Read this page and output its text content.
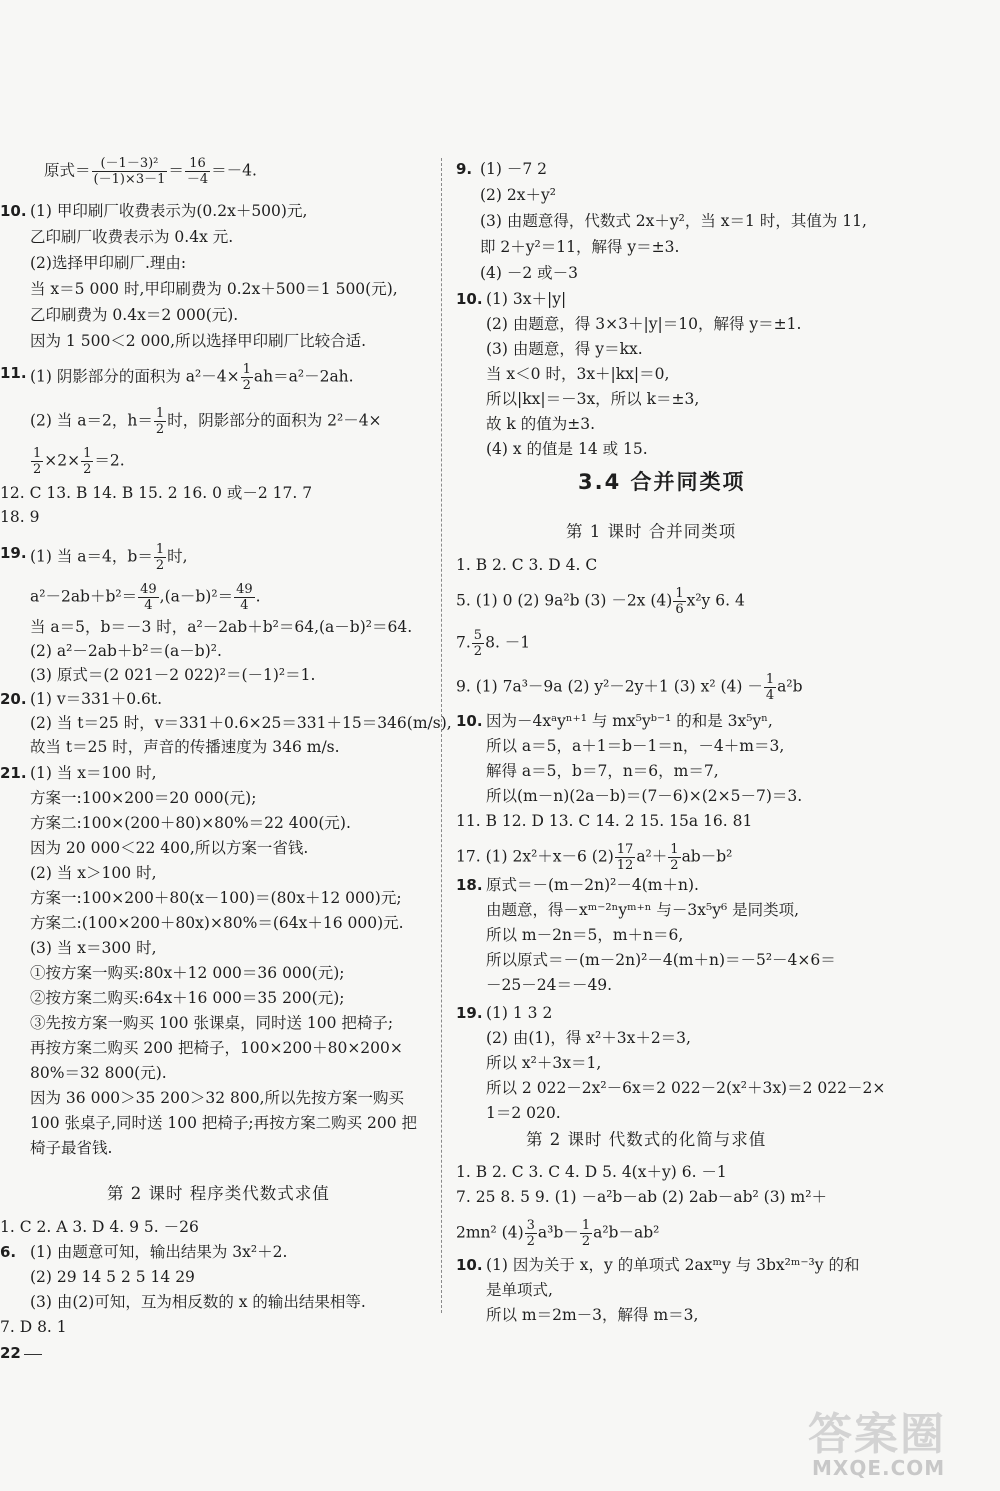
原式＝ $\frac{\text{(－1－3)²}}{(-1)\times 3-1} = \frac{16}{-4} =-4$.
10. (1) 甲印刷厂收费表示为(0.2x＋500)元,
乙印刷厂收费表示为 0.4x 元.
(2)选择甲印刷厂.理由:
当 x＝5 000 时,甲印刷费为 0.2x＋500＝1 500(元),
乙印刷费为 0.4x＝2 000(元).
因为 1 500＜2 000,所以选择甲印刷厂比较合适.
11. (1) 阴影部分的面积为 $a^2-4\times \frac{1}{2} ah=a^2-2ah$.
(2) 当 a＝2，$h= \frac{1}{2}$ 时，阴影部分的面积为 2²－4×
$\frac{1}{2} \times 2\times \frac{1}{2} =2$.
12. C 13. B 14. B 15. 2 16. 0 或－2 17. 7
18. 9
19. (1) 当 a＝4，$b= \frac{1}{2}$ 时,
$a^2-2ab+b^2= \frac{49}{4} ,(a-b)^2= \frac{49}{4}$ .
当 a＝5，b＝－3 时，a²－2ab＋b²＝64,(a－b)²＝64.
(2) a²－2ab＋b²＝(a－b)².
(3) 原式＝(2 021－2 022)²＝(－1)²＝1.
20. (1) v＝331＋0.6t.
(2) 当 t＝25 时，v＝331＋0.6×25＝331＋15＝346(m/s),
故当 t＝25 时，声音的传播速度为 346 m/s.
21. (1) 当 x＝100 时,
方案一:100×200＝20 000(元);
方案二:100×(200＋80)×80%＝22 400(元).
因为 20 000＜22 400,所以方案一省钱.
(2) 当 x＞100 时,
方案一:100×200＋80(x－100)＝(80x＋12 000)元;
方案二:(100×200＋80x)×80%＝(64x＋16 000)元.
(3) 当 x＝300 时,
①按方案一购买:80x＋12 000＝36 000(元);
②按方案二购买:64x＋16 000＝35 200(元);
③先按方案一购买 100 张课桌，同时送 100 把椅子;
再按方案二购买 200 把椅子，100×200＋80×200×
80%＝32 800(元).
因为 36 000＞35 200＞32 800,所以先按方案一购买
100 张桌子,同时送 100 把椅子;再按方案二购买 200 把
椅子最省钱.
第 2 课时 程序类代数式求值
1. C 2. A 3. D 4. 9 5. －26
6. (1) 由题意可知，输出结果为 3x²＋2.
(2) 29 14 5 2 5 14 29
(3) 由(2)可知，互为相反数的 x 的输出结果相等.
7. D 8. 1
9. (1) －7 2
(2) 2x＋y²
(3) 由题意得，代数式 2x＋y²，当 x＝1 时，其值为 11,
即 2＋y²＝11，解得 y＝±3.
(4) －2 或－3
10. (1) 3x＋|y|
(2) 由题意，得 3×3＋|y|＝10，解得 y＝±1.
(3) 由题意，得 y＝kx.
当 x＜0 时，3x＋|kx|＝0,
所以|kx|＝－3x，所以 k＝±3,
故 k 的值为±3.
(4) x 的值是 14 或 15.
3.4 合并同类项
第 1 课时 合并同类项
1. B 2. C 3. D 4. C
5. (1) 0 (2) 9a²b (3) －2x $(4) \frac{1}{6} x^2y$ 6. 4
7. $\frac{5}{2} 8$. －1
9. (1) 7a³－9a (2) y²－2y＋1 (3) x² $(4) - \frac{1}{4} a^2b$
10. 因为－4xᵃyⁿ⁺¹ 与 mx⁵yᵇ⁻¹ 的和是 3x⁵yⁿ,
所以 a＝5，a＋1＝b－1＝n，－4＋m＝3,
解得 a＝5，b＝7，n＝6，m＝7,
所以(m－n)(2a－b)＝(7－6)×(2×5－7)＝3.
11. B 12. D 13. C 14. 2 15. 15a 16. 81
17. (1) 2x²＋x－6 $(2) \frac{17}{12} a^2+ \frac{1}{2} ab-b^2$
18. 原式＝－(m－2n)²－4(m＋n).
由题意，得－xᵐ⁻²ⁿyᵐ⁺ⁿ 与－3x⁵y⁶ 是同类项,
所以 m－2n＝5，m＋n＝6,
所以原式＝－(m－2n)²－4(m＋n)＝－5²－4×6＝
－25－24＝－49.
19. (1) 1 3 2
(2) 由(1)，得 x²＋3x＋2＝3,
所以 x²＋3x＝1,
所以 2 022－2x²－6x＝2 022－2(x²＋3x)＝2 022－2×
1＝2 020.
第 2 课时 代数式的化简与求值
1. B 2. C 3. C 4. D 5. 4(x＋y) 6. －1
7. 25 8. 5 9. (1) －a²b－ab (2) 2ab－ab² (3) m²＋
2mn² $(4) \frac{3}{2} a^3b- \frac{1}{2} a^2b-ab^2$
10. (1) 因为关于 x，y 的单项式 2axᵐy 与 3bx²ᵐ⁻³y 的和
是单项式,
所以 m＝2m－3，解得 m＝3,
22
答案圈
MXQE.COM
